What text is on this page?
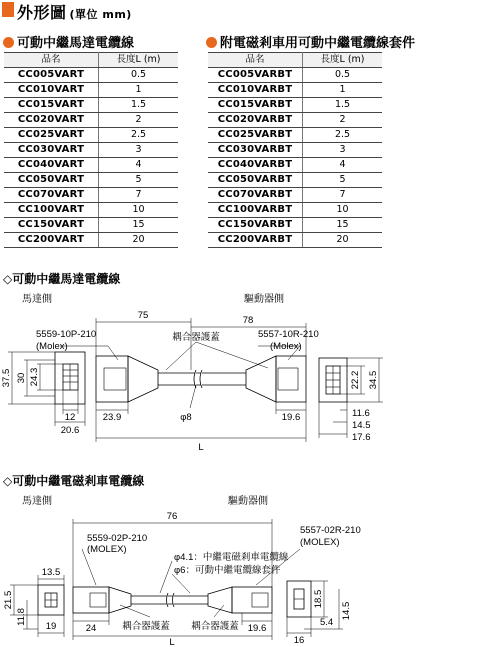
外形圖 (單位 mm)
可動中繼馬達電纜線	附電磁剎車用可動中繼電纜線套件
品名	長度L (m)
CC005VART	0.5
CC010VART	1
CC015VART	1.5
CC020VART	2
CC025VART	2.5
CC030VART	3
CC040VART	4
CC050VART	5
CC070VART	7
CC100VART	10
CC150VART	15
CC200VART	20
品名	長度L (m)
CC005VARBT	0.5
CC010VARBT	1
CC015VARBT	1.5
CC020VARBT	2
CC025VARBT	2.5
CC030VARBT	3
CC040VARBT	4
CC050VARBT	5
CC070VARBT	7
CC100VARBT	10
CC150VARBT	15
CC200VARBT	20
◇可動中繼馬達電纜線
馬達側	驅動器側
75	78
耦合器護蓋
5559-10P-210
(Molex)
5557-10R-210
(Molex)
37.5 30 24.3
12
20.6
23.9	φ8	19.6
L
22.2 34.5
11.6
14.5
17.6
◇可動中繼電磁剎車電纜線
馬達側	驅動器側
76
5559-02P-210
(MOLEX)
5557-02R-210
(MOLEX)
φ4.1：中繼電磁剎車電纜線
φ6：可動中繼電纜線套件
13.5
21.5
11.8
19	24	耦合器護蓋 耦合器護蓋 19.6
L
18.5
5.4
14.5
16
